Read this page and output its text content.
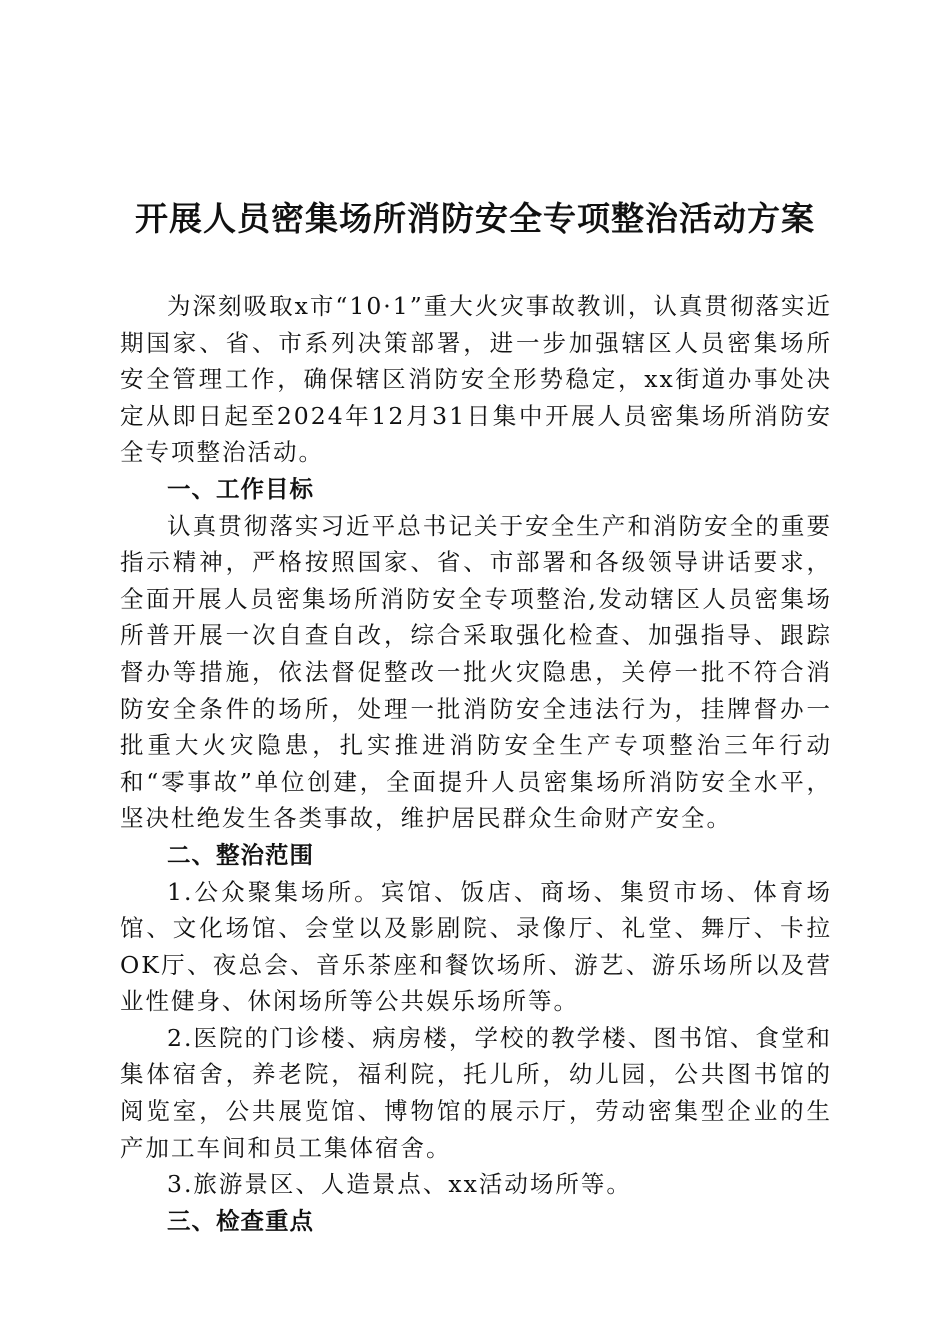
开展人员密集场所消防安全专项整治活动方案

为深刻吸取x市“10·1”重大火灾事故教训，认真贯彻落实近期国家、省、市系列决策部署，进一步加强辖区人员密集场所安全管理工作，确保辖区消防安全形势稳定，xx街道办事处决定从即日起至2024年12月31日集中开展人员密集场所消防安全专项整治活动。

一、工作目标

认真贯彻落实习近平总书记关于安全生产和消防安全的重要指示精神，严格按照国家、省、市部署和各级领导讲话要求，全面开展人员密集场所消防安全专项整治,发动辖区人员密集场所普开展一次自查自改，综合采取强化检查、加强指导、跟踪督办等措施，依法督促整改一批火灾隐患，关停一批不符合消防安全条件的场所，处理一批消防安全违法行为，挂牌督办一批重大火灾隐患，扎实推进消防安全生产专项整治三年行动和“零事故”单位创建，全面提升人员密集场所消防安全水平，坚决杜绝发生各类事故，维护居民群众生命财产安全。

二、整治范围

1.公众聚集场所。宾馆、饭店、商场、集贸市场、体育场馆、文化场馆、会堂以及影剧院、录像厅、礼堂、舞厅、卡拉OK厅、夜总会、音乐茶座和餐饮场所、游艺、游乐场所以及营业性健身、休闲场所等公共娱乐场所等。

2.医院的门诊楼、病房楼，学校的教学楼、图书馆、食堂和集体宿舍，养老院，福利院，托儿所，幼儿园，公共图书馆的阅览室，公共展览馆、博物馆的展示厅，劳动密集型企业的生产加工车间和员工集体宿舍。

3.旅游景区、人造景点、xx活动场所等。

三、检查重点
